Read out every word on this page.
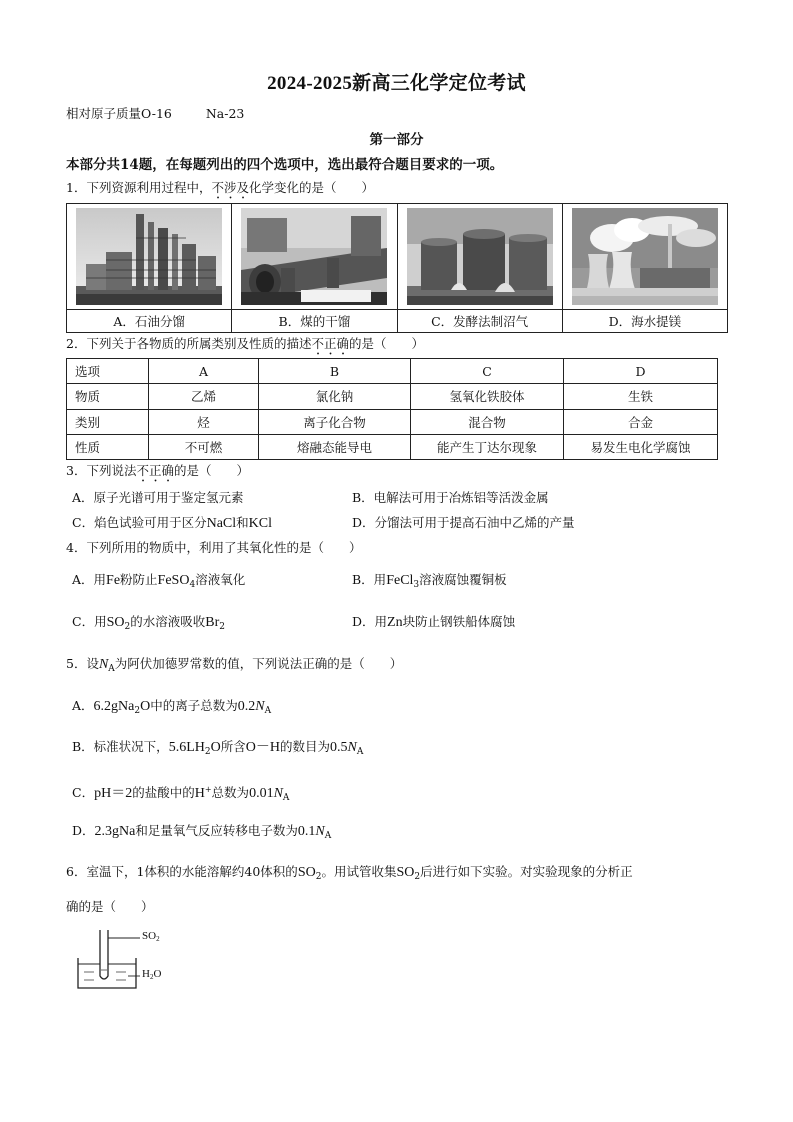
2024-2025新高三化学定位考试
相对原子质量O-16	Na-23
第一部分
本部分共14题，在每题列出的四个选项中，选出最符合题目要求的一项。
1．下列资源利用过程中，不涉及化学变化的是（　　）

A．石油分馏	B．煤的干馏	C．发酵法制沼气	D．海水提镁
2．下列关于各物质的所属类别及性质的描述不正确的是（　　）
选项	A	B	C	D
物质	乙烯	氯化钠	氢氧化铁胶体	生铁
类别	烃	离子化合物	混合物	合金
性质	不可燃	熔融态能导电	能产生丁达尔现象	易发生电化学腐蚀
3．下列说法不正确的是（　　）
A．原子光谱可用于鉴定氢元素	B．电解法可用于冶炼铝等活泼金属
C．焰色试验可用于区分NaCl和KCl	D．分馏法可用于提高石油中乙烯的产量
4．下列所用的物质中，利用了其氧化性的是（　　）
A．用Fe粉防止FeSO$_4$溶液氧化	B．用FeCl$_3$溶液腐蚀覆铜板
C．用$SO_2$的水溶液吸收$Br_2$	D．用Zn块防止钢铁船体腐蚀
5．设$N_A$为阿伏加德罗常数的值，下列说法正确的是（　　）
A．6.2gNa$_2$O中的离子总数为$0.2N_A$
B．标准状况下，$5.6LH_2O$所含O－H的数目为$0.5N_A$
C．pH＝2的盐酸中的H+总数为$0.01N_A$
D．2.3gNa和足量氧气反应转移电子数为$0.1N_A$
6．室温下，1体积的水能溶解约40体积的$SO_2$。用试管收集$SO_2$后进行如下实验。对实验现象的分析正
确的是（　　）
SO2
H2O
